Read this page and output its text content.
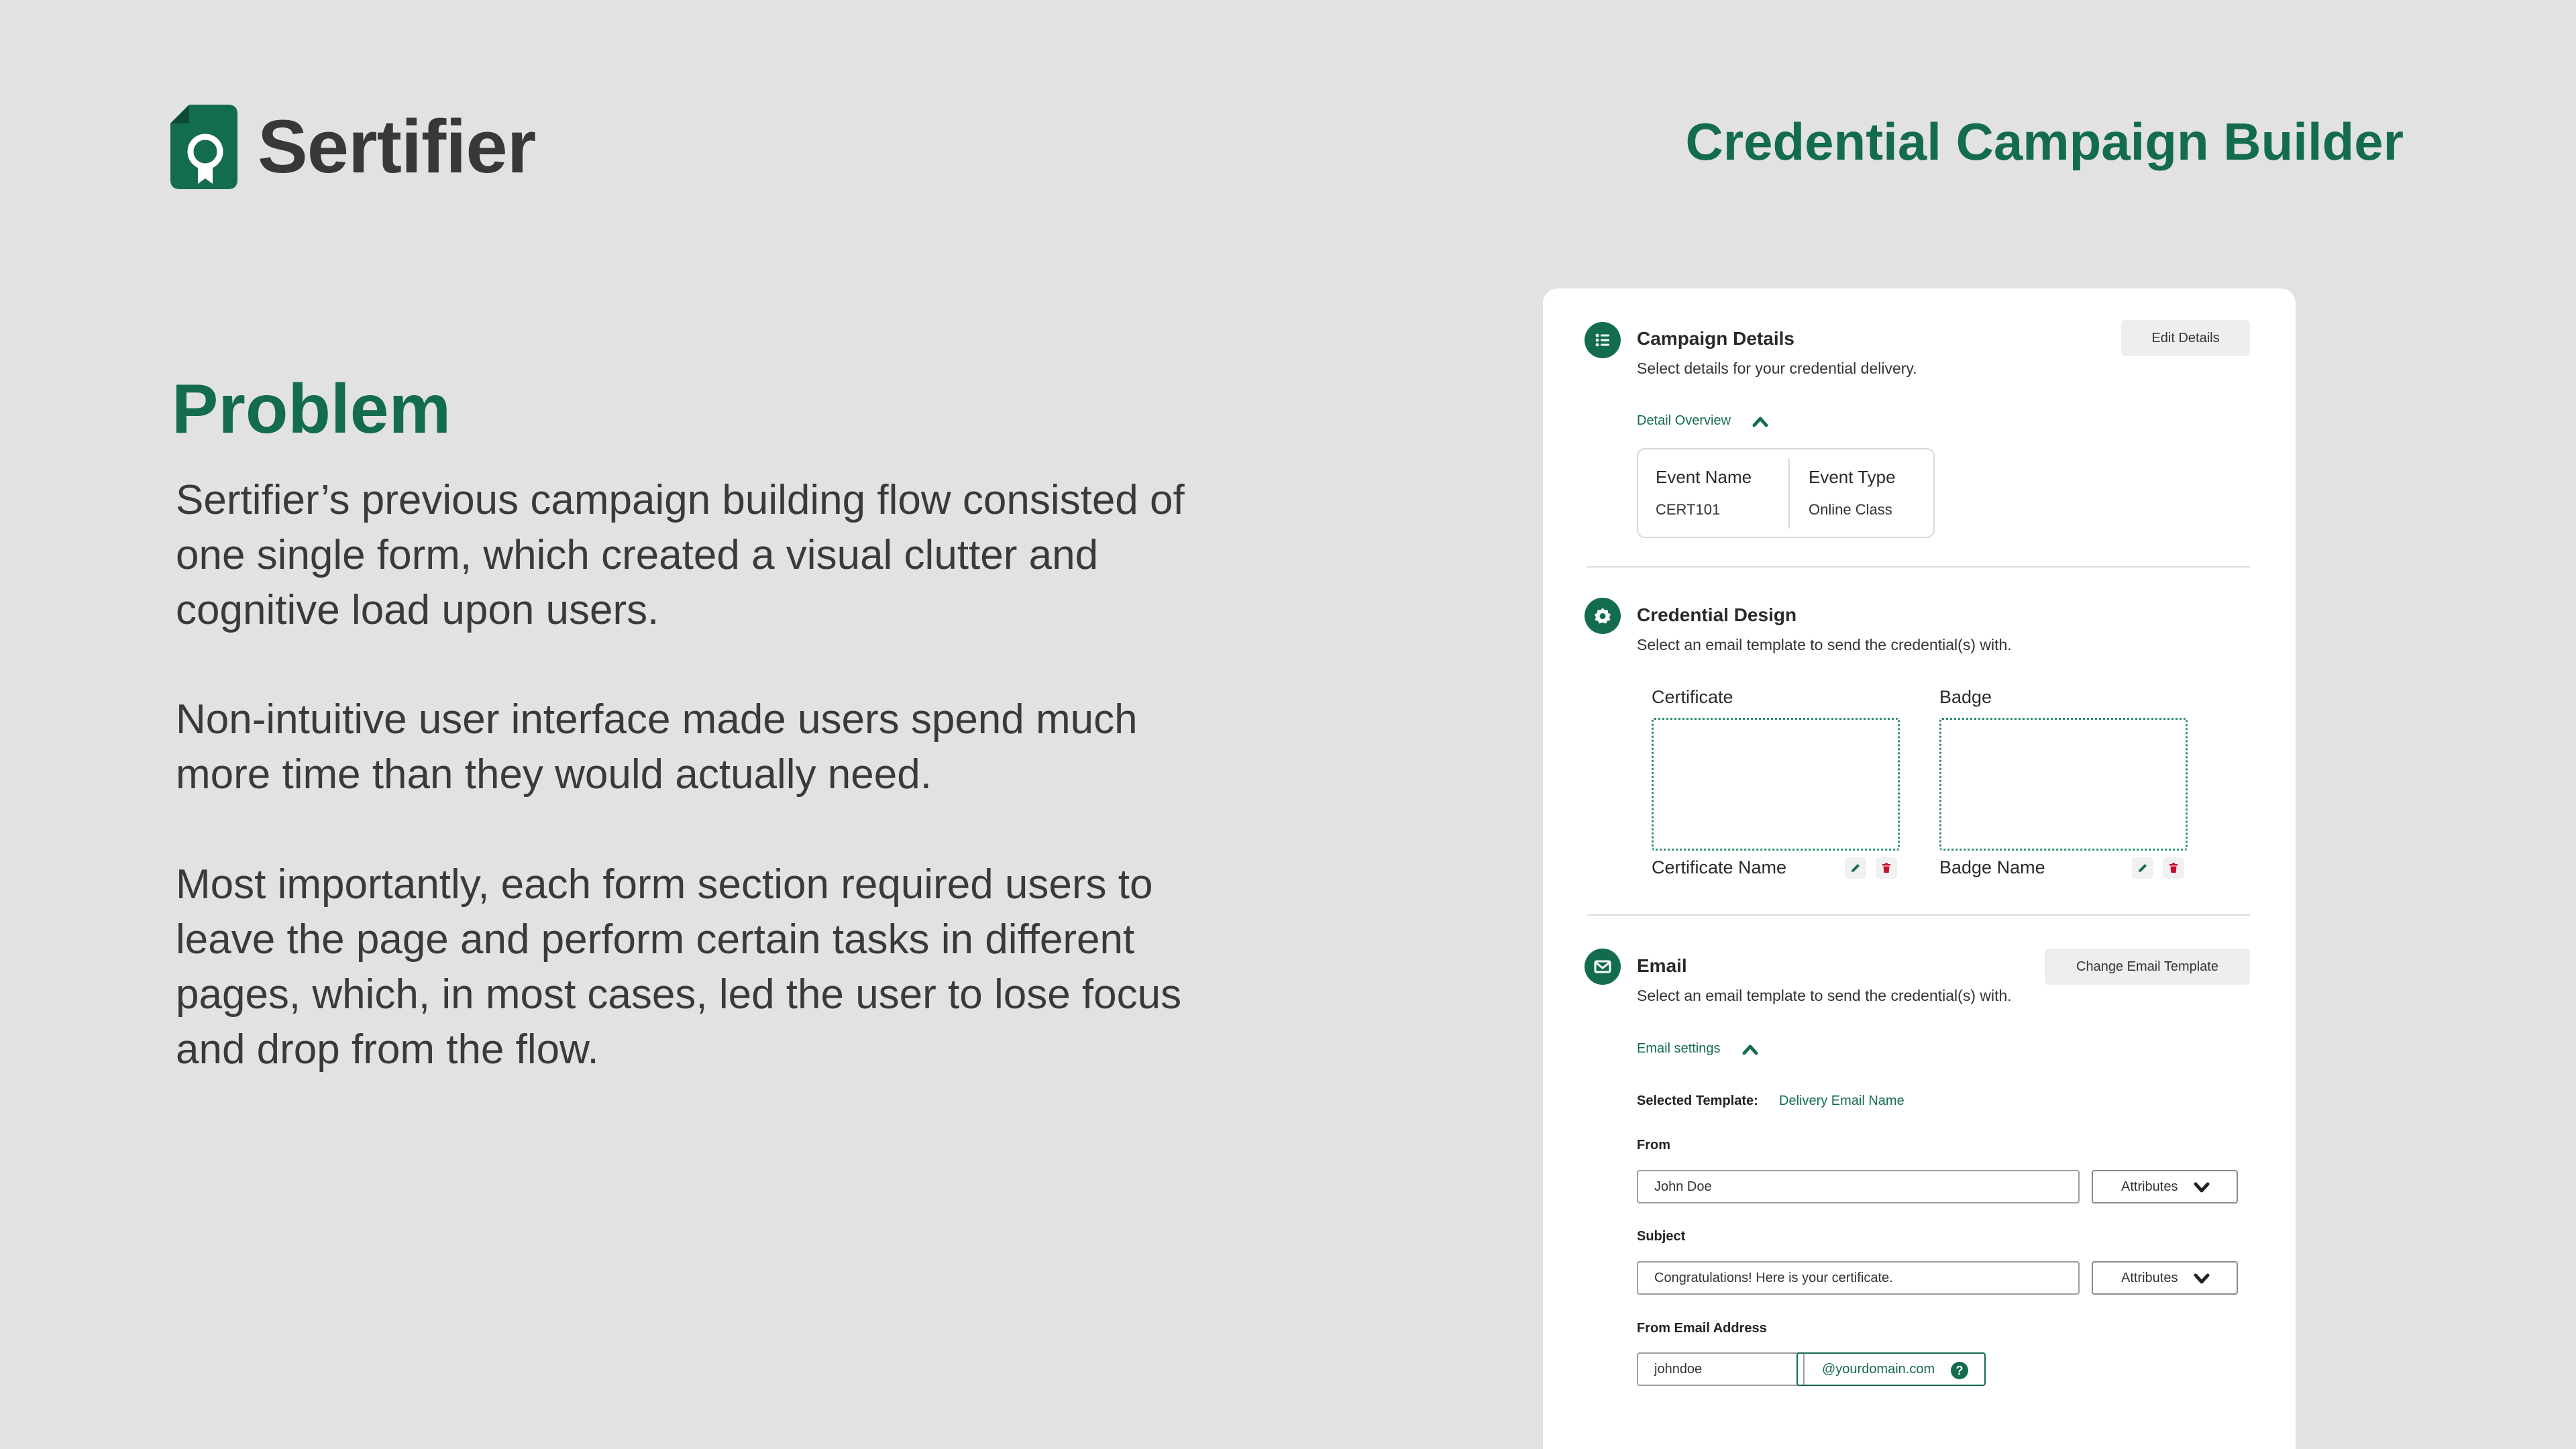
Sertifier	Credential Campaign Builder
Problem

Sertifier’s previous campaign building flow consisted of one single form, which created a visual clutter and cognitive load upon users.

Non-intuitive user interface made users spend much more time than they would actually need.

Most importantly, each form section required users to leave the page and perform certain tasks in different pages, which, in most cases, led the user to lose focus and drop from the flow.

Campaign Details
Select details for your credential delivery.
Edit Details
Detail Overview
Event Name
CERT101
Event Type
Online Class
Credential Design
Select an email template to send the credential(s) with.
Certificate
Certificate Name
Badge
Badge Name
Email
Select an email template to send the credential(s) with.
Change Email Template
Email settings
Selected Template: Delivery Email Name
From
John Doe	Attributes
Subject
Congratulations! Here is your certificate.	Attributes
From Email Address
johndoe	@yourdomain.com	?
